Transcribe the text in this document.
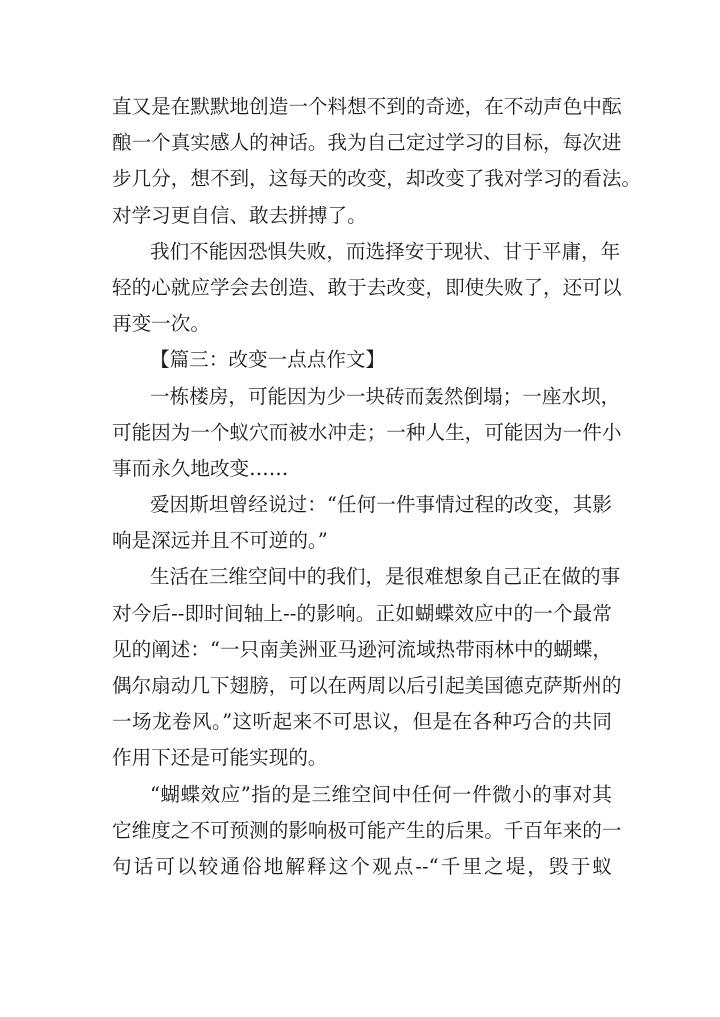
直又是在默默地创造一个料想不到的奇迹，在不动声色中酝
酿一个真实感人的神话。我为自己定过学习的目标，每次进
步几分，想不到，这每天的改变，却改变了我对学习的看法。
对学习更自信、敢去拼搏了。
我们不能因恐惧失败，而选择安于现状、甘于平庸，年
轻的心就应学会去创造、敢于去改变，即使失败了，还可以
再变一次。
【篇三：改变一点点作文】
一栋楼房，可能因为少一块砖而轰然倒塌；一座水坝，
可能因为一个蚁穴而被水冲走；一种人生，可能因为一件小
事而永久地改变……
爱因斯坦曾经说过：“任何一件事情过程的改变，其影
响是深远并且不可逆的。”
生活在三维空间中的我们，是很难想象自己正在做的事
对今后--即时间轴上--的影响。正如蝴蝶效应中的一个最常
见的阐述：“一只南美洲亚马逊河流域热带雨林中的蝴蝶，
偶尔扇动几下翅膀，可以在两周以后引起美国德克萨斯州的
一场龙卷风。”这听起来不可思议，但是在各种巧合的共同
作用下还是可能实现的。
“蝴蝶效应”指的是三维空间中任何一件微小的事对其
它维度之不可预测的影响极可能产生的后果。千百年来的一
句话可以较通俗地解释这个观点--“千里之堤，毁于蚁
